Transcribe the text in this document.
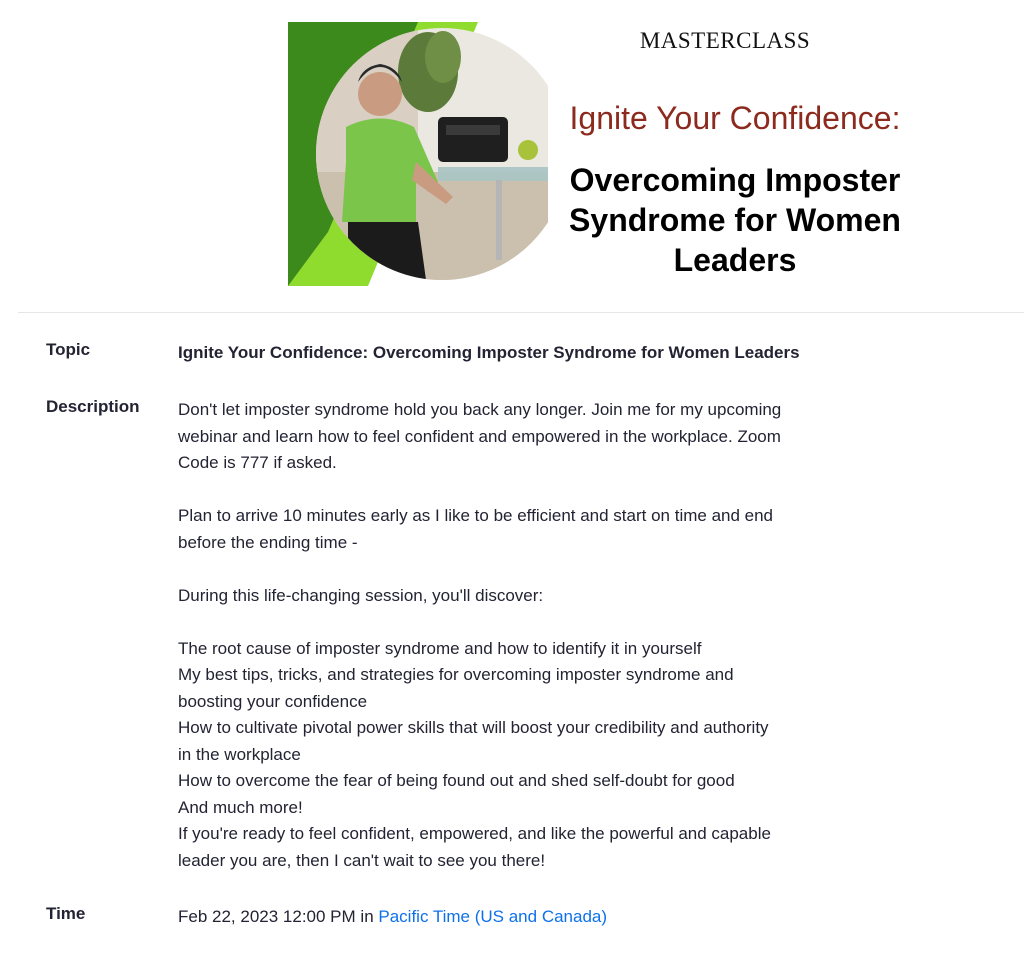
MASTERCLASS
Ignite Your Confidence:
Overcoming Imposter
Syndrome for Women
Leaders
Topic	Ignite Your Confidence: Overcoming Imposter Syndrome for Women Leaders
Description Don't let imposter syndrome hold you back any longer. Join me for my upcoming
webinar and learn how to feel confident and empowered in the workplace. Zoom
Code is 777 if asked.
Plan to arrive 10 minutes early as I like to be efficient and start on time and end
before the ending time -
During this life-changing session, you'll discover:
The root cause of imposter syndrome and how to identify it in yourself
My best tips, tricks, and strategies for overcoming imposter syndrome and
boosting your confidence
How to cultivate pivotal power skills that will boost your credibility and authority
in the workplace
How to overcome the fear of being found out and shed self-doubt for good
And much more!
If you're ready to feel confident, empowered, and like the powerful and capable
leader you are, then I can't wait to see you there!
Time	Feb 22, 2023 12:00 PM in Pacific Time (US and Canada)
